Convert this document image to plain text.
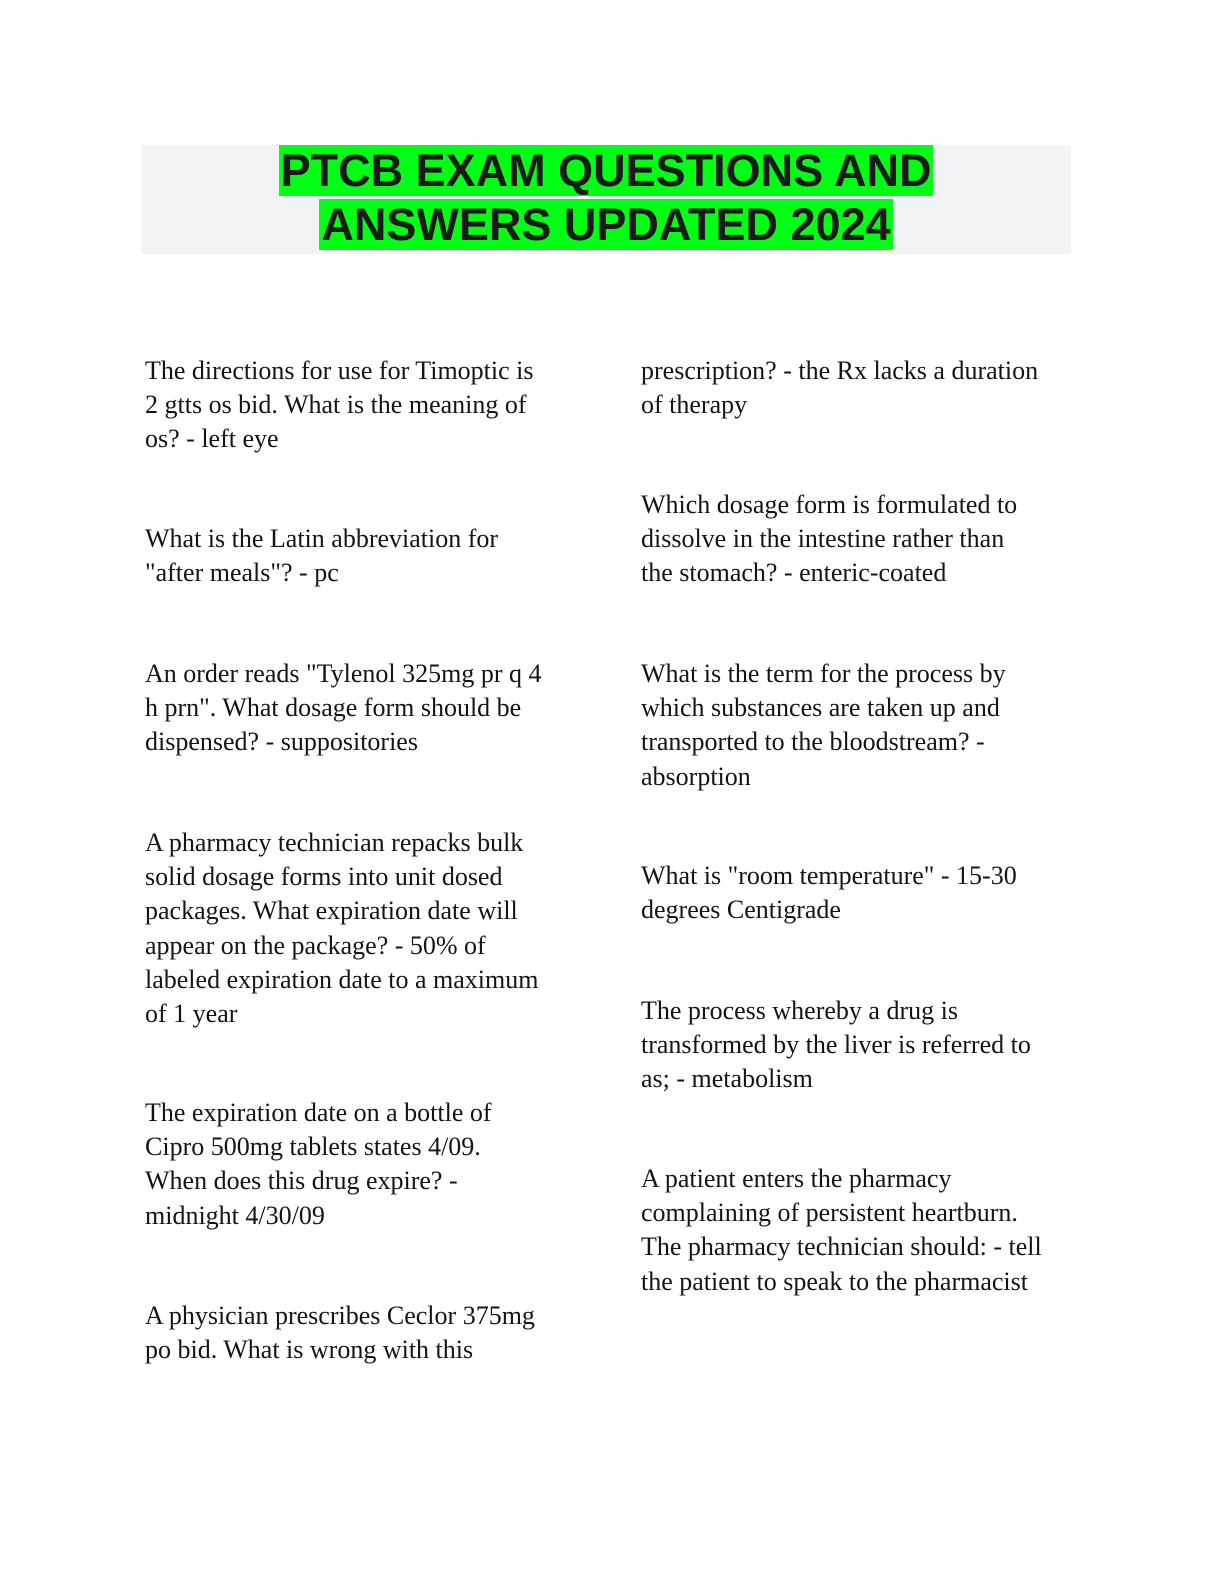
PTCB EXAM QUESTIONS AND
ANSWERS UPDATED 2024

The directions for use for Timoptic is
2 gtts os bid. What is the meaning of
os? - left eye

What is the Latin abbreviation for
"after meals"? - pc

An order reads "Tylenol 325mg pr q 4
h prn". What dosage form should be
dispensed? - suppositories

A pharmacy technician repacks bulk
solid dosage forms into unit dosed
packages. What expiration date will
appear on the package? - 50% of
labeled expiration date to a maximum
of 1 year

The expiration date on a bottle of
Cipro 500mg tablets states 4/09.
When does this drug expire? -
midnight 4/30/09

A physician prescribes Ceclor 375mg
po bid. What is wrong with this

prescription? - the Rx lacks a duration
of therapy

Which dosage form is formulated to
dissolve in the intestine rather than
the stomach? - enteric-coated

What is the term for the process by
which substances are taken up and
transported to the bloodstream? -
absorption

What is "room temperature" - 15-30
degrees Centigrade

The process whereby a drug is
transformed by the liver is referred to
as; - metabolism

A patient enters the pharmacy
complaining of persistent heartburn.
The pharmacy technician should: - tell
the patient to speak to the pharmacist
